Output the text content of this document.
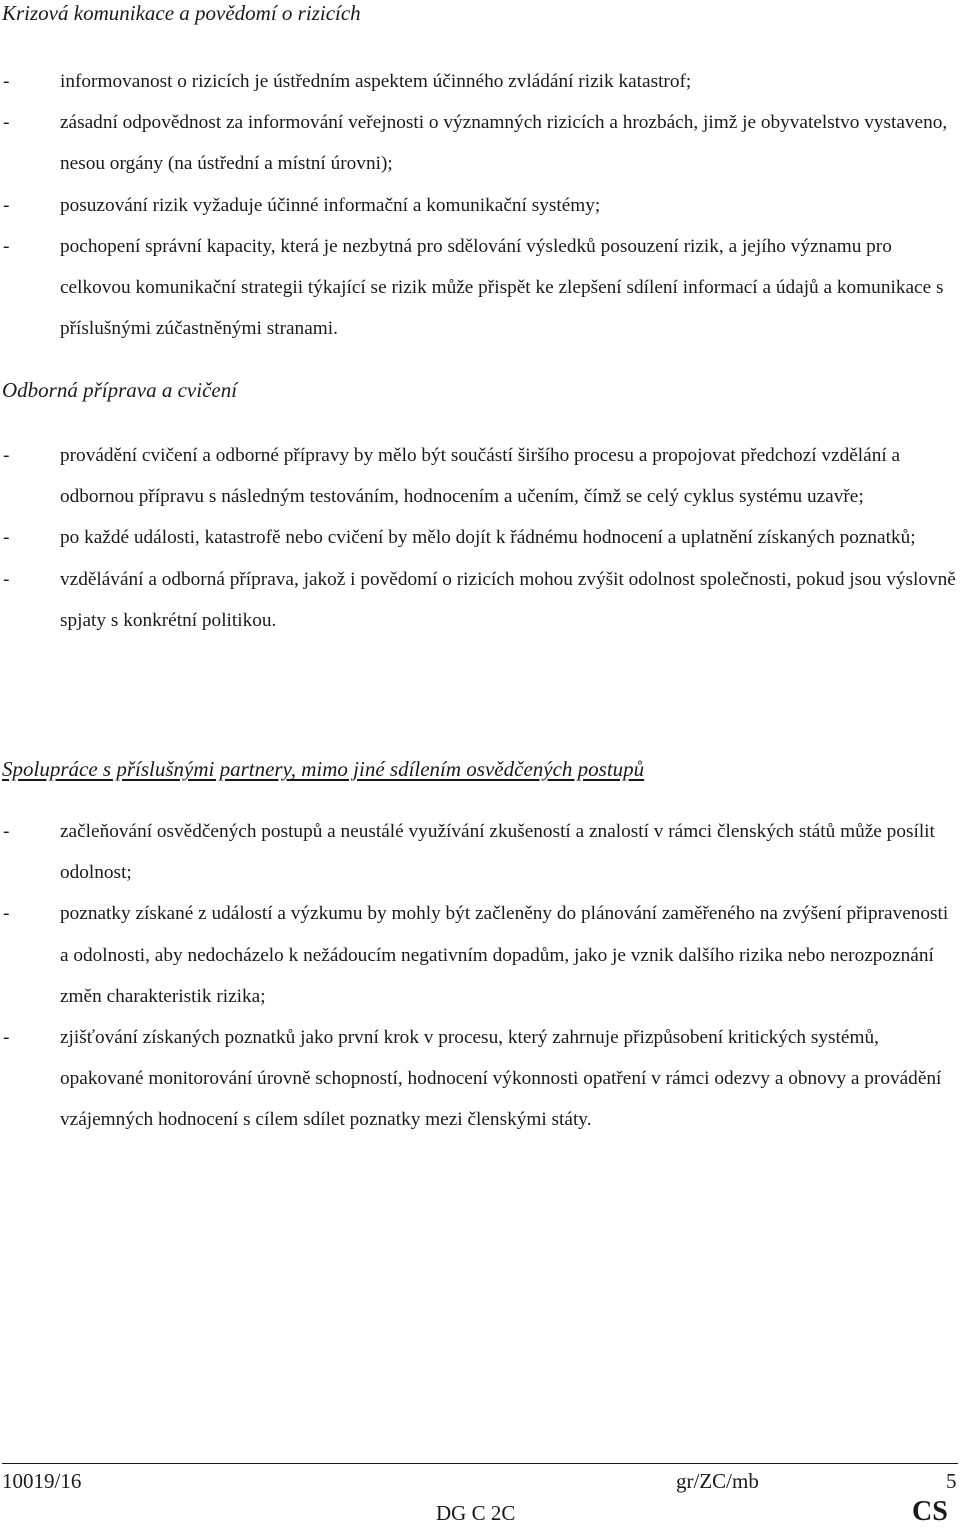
Krizová komunikace a povědomí o rizicích
-	informovanost o rizicích je ústředním aspektem účinného zvládání rizik katastrof;
-	zásadní odpovědnost za informování veřejnosti o významných rizicích a hrozbách, jimž je obyvatelstvo vystaveno, nesou orgány (na ústřední a místní úrovni);
-	posuzování rizik vyžaduje účinné informační a komunikační systémy;
-	pochopení správní kapacity, která je nezbytná pro sdělování výsledků posouzení rizik, a jejího významu pro celkovou komunikační strategii týkající se rizik může přispět ke zlepšení sdílení informací a údajů a komunikace s příslušnými zúčastněnými stranami.
Odborná příprava a cvičení
-	provádění cvičení a odborné přípravy by mělo být součástí širšího procesu a propojovat předchozí vzdělání a odbornou přípravu s následným testováním, hodnocením a učením, čímž se celý cyklus systému uzavře;
-	po každé události, katastrofě nebo cvičení by mělo dojít k řádnému hodnocení a uplatnění získaných poznatků;
-	vzdělávání a odborná příprava, jakož i povědomí o rizicích mohou zvýšit odolnost společnosti, pokud jsou výslovně spjaty s konkrétní politikou.
Spolupráce s příslušnými partnery, mimo jiné sdílením osvědčených postupů
-	začleňování osvědčených postupů a neustálé využívání zkušeností a znalostí v rámci členských států může posílit odolnost;
-	poznatky získané z událostí a výzkumu by mohly být začleněny do plánování zaměřeného na zvýšení připravenosti a odolnosti, aby nedocházelo k nežádoucím negativním dopadům, jako je vznik dalšího rizika nebo nerozpoznání změn charakteristik rizika;
-	zjišťování získaných poznatků jako první krok v procesu, který zahrnuje přizpůsobení kritických systémů, opakované monitorování úrovně schopností, hodnocení výkonnosti opatření v rámci odezvy a obnovy a provádění vzájemných hodnocení s cílem sdílet poznatky mezi členskými státy.
10019/16	gr/ZC/mb	5
DG C 2C	CS
